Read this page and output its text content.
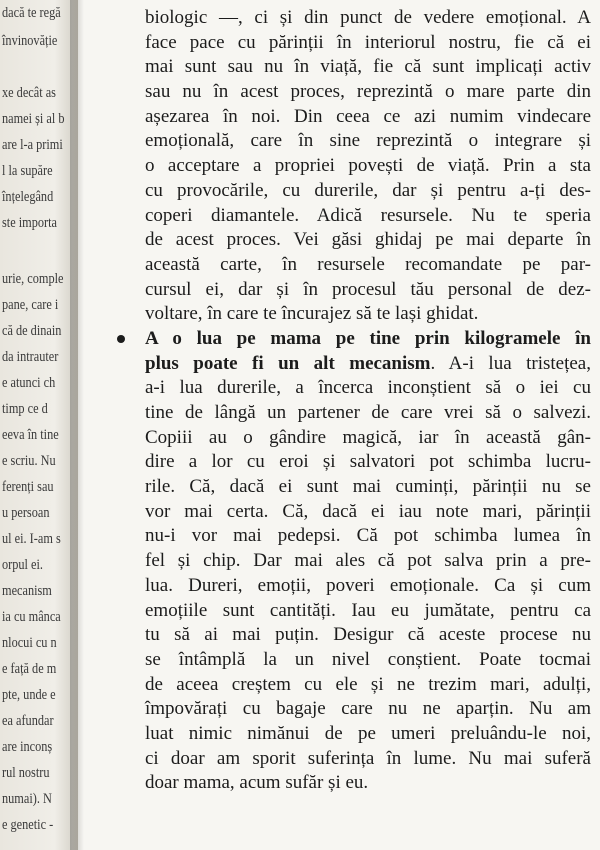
dacă te regă
învinovăție
xe decât as
namei și al b
are l-a primi
l la supăre
înțelegând
ste importa
urie, comple
pane, care i
că de dinain
da intrauter
e atunci ch
timp ce d
eeva în tine
e scriu. Nu
ferenți sau
u persoan
ul ei. I-am s
orpul ei.
mecanism
ia cu mânca
nlocui cu n
e față de m
pte, unde e
ea afundar
are inconș
rul nostru
numai). N
e genetic -
biologic —, ci și din punct de vedere emoțional. A
face pace cu părinții în interiorul nostru, fie că ei
mai sunt sau nu în viață, fie că sunt implicați activ
sau nu în acest proces, reprezintă o mare parte din
așezarea în noi. Din ceea ce azi numim vindecare
emoțională, care în sine reprezintă o integrare și
o acceptare a propriei povești de viață. Prin a sta
cu provocările, cu durerile, dar și pentru a-ți des-
coperi diamantele. Adică resursele. Nu te speria
de acest proces. Vei găsi ghidaj pe mai departe în
această carte, în resursele recomandate pe par-
cursul ei, dar și în procesul tău personal de dez-
voltare, în care te încurajez să te lași ghidat.
A o lua pe mama pe tine prin kilogramele în
plus poate fi un alt mecanism. A-i lua tristețea,
a-i lua durerile, a încerca inconștient să o iei cu
tine de lângă un partener de care vrei să o salvezi.
Copiii au o gândire magică, iar în această gân-
dire a lor cu eroi și salvatori pot schimba lucru-
rile. Că, dacă ei sunt mai cuminți, părinții nu se
vor mai certa. Că, dacă ei iau note mari, părinții
nu-i vor mai pedepsi. Că pot schimba lumea în
fel și chip. Dar mai ales că pot salva prin a pre-
lua. Dureri, emoții, poveri emoționale. Ca și cum
emoțiile sunt cantități. Iau eu jumătate, pentru ca
tu să ai mai puțin. Desigur că aceste procese nu
se întâmplă la un nivel conștient. Poate tocmai
de aceea creștem cu ele și ne trezim mari, adulți,
împovărați cu bagaje care nu ne aparțin. Nu am
luat nimic nimănui de pe umeri preluându-le noi,
ci doar am sporit suferința în lume. Nu mai suferă
doar mama, acum sufăr și eu.
